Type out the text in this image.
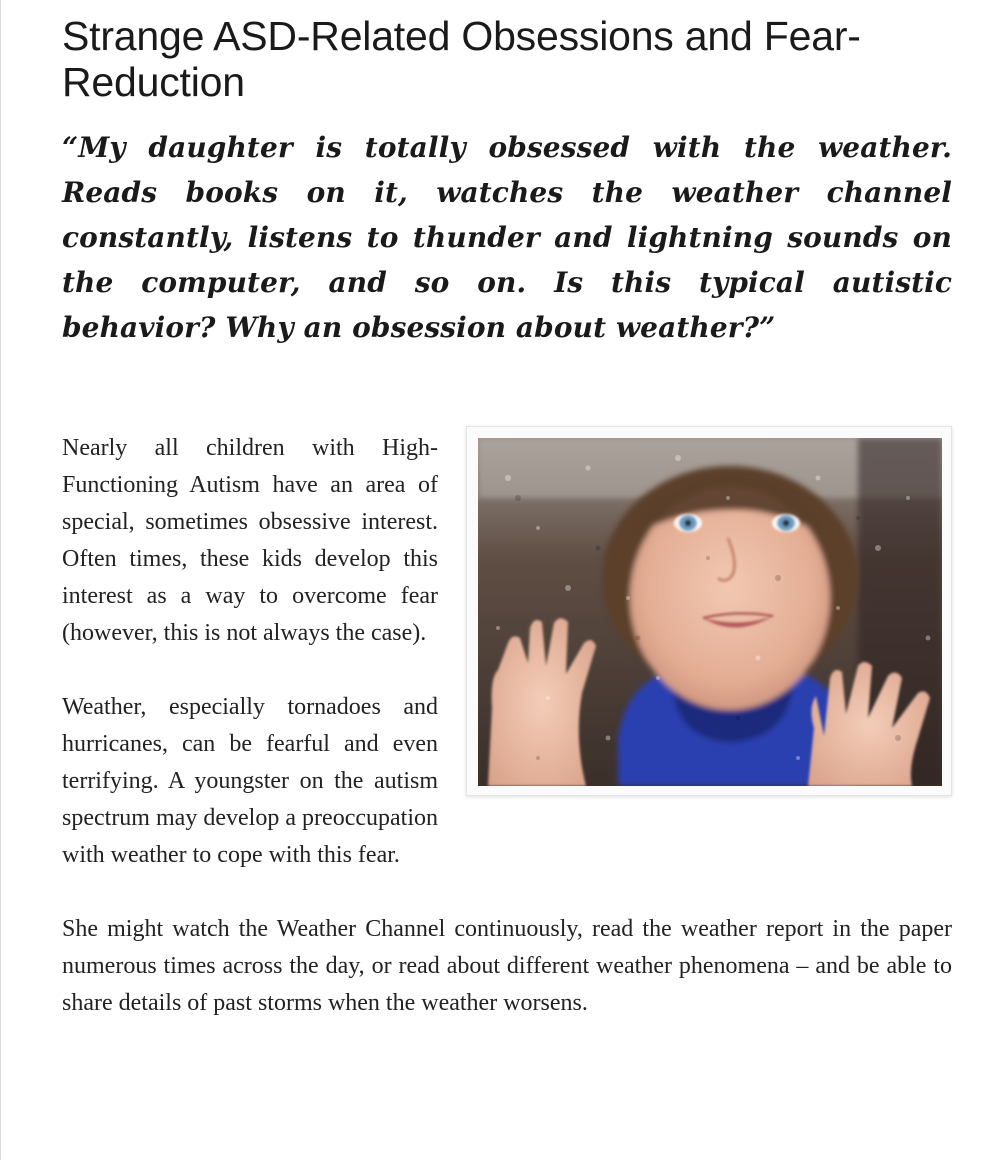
Strange ASD-Related Obsessions and Fear-Reduction

“My daughter is totally obsessed with the weather. Reads books on it, watches the weather channel constantly, listens to thunder and lightning sounds on the computer, and so on. Is this typical autistic behavior? Why an obsession about weather?”

Nearly all children with High-Functioning Autism have an area of special, sometimes obsessive interest. Often times, these kids develop this interest as a way to overcome fear (however, this is not always the case).

Weather, especially tornadoes and hurricanes, can be fearful and even terrifying. A youngster on the autism spectrum may develop a preoccupation with weather to cope with this fear.

She might watch the Weather Channel continuously, read the weather report in the paper numerous times across the day, or read about different weather phenomena – and be able to share details of past storms when the weather worsens.
